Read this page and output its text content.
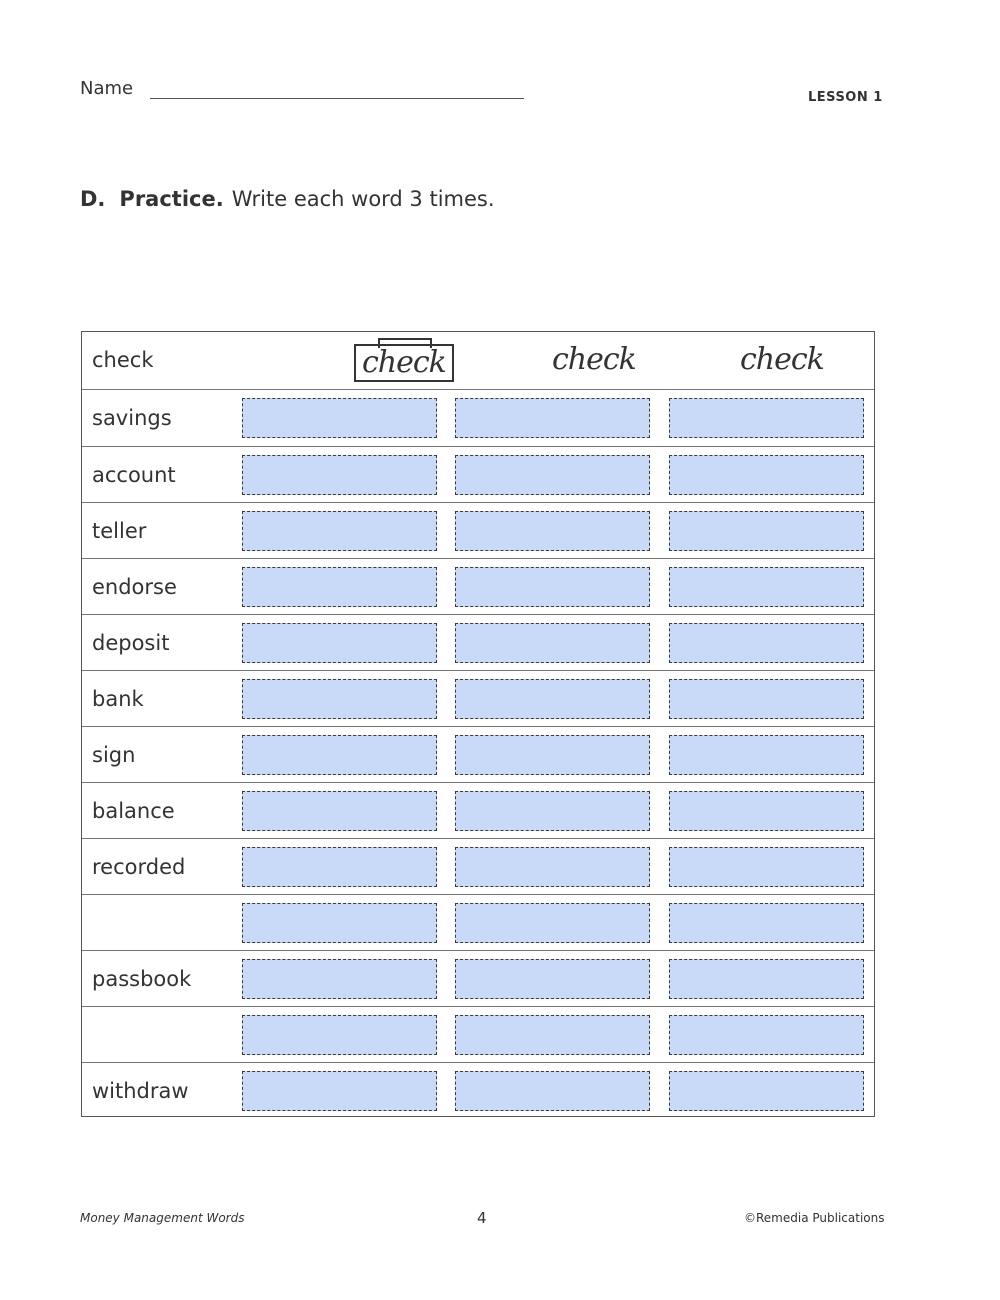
Name	LESSON 1
D. Practice. Write each word 3 times.
check	check	check	check
savings
account
teller
endorse
deposit
bank
sign
balance
recorded
passbook
withdraw
Money Management Words	4	©Remedia Publications
